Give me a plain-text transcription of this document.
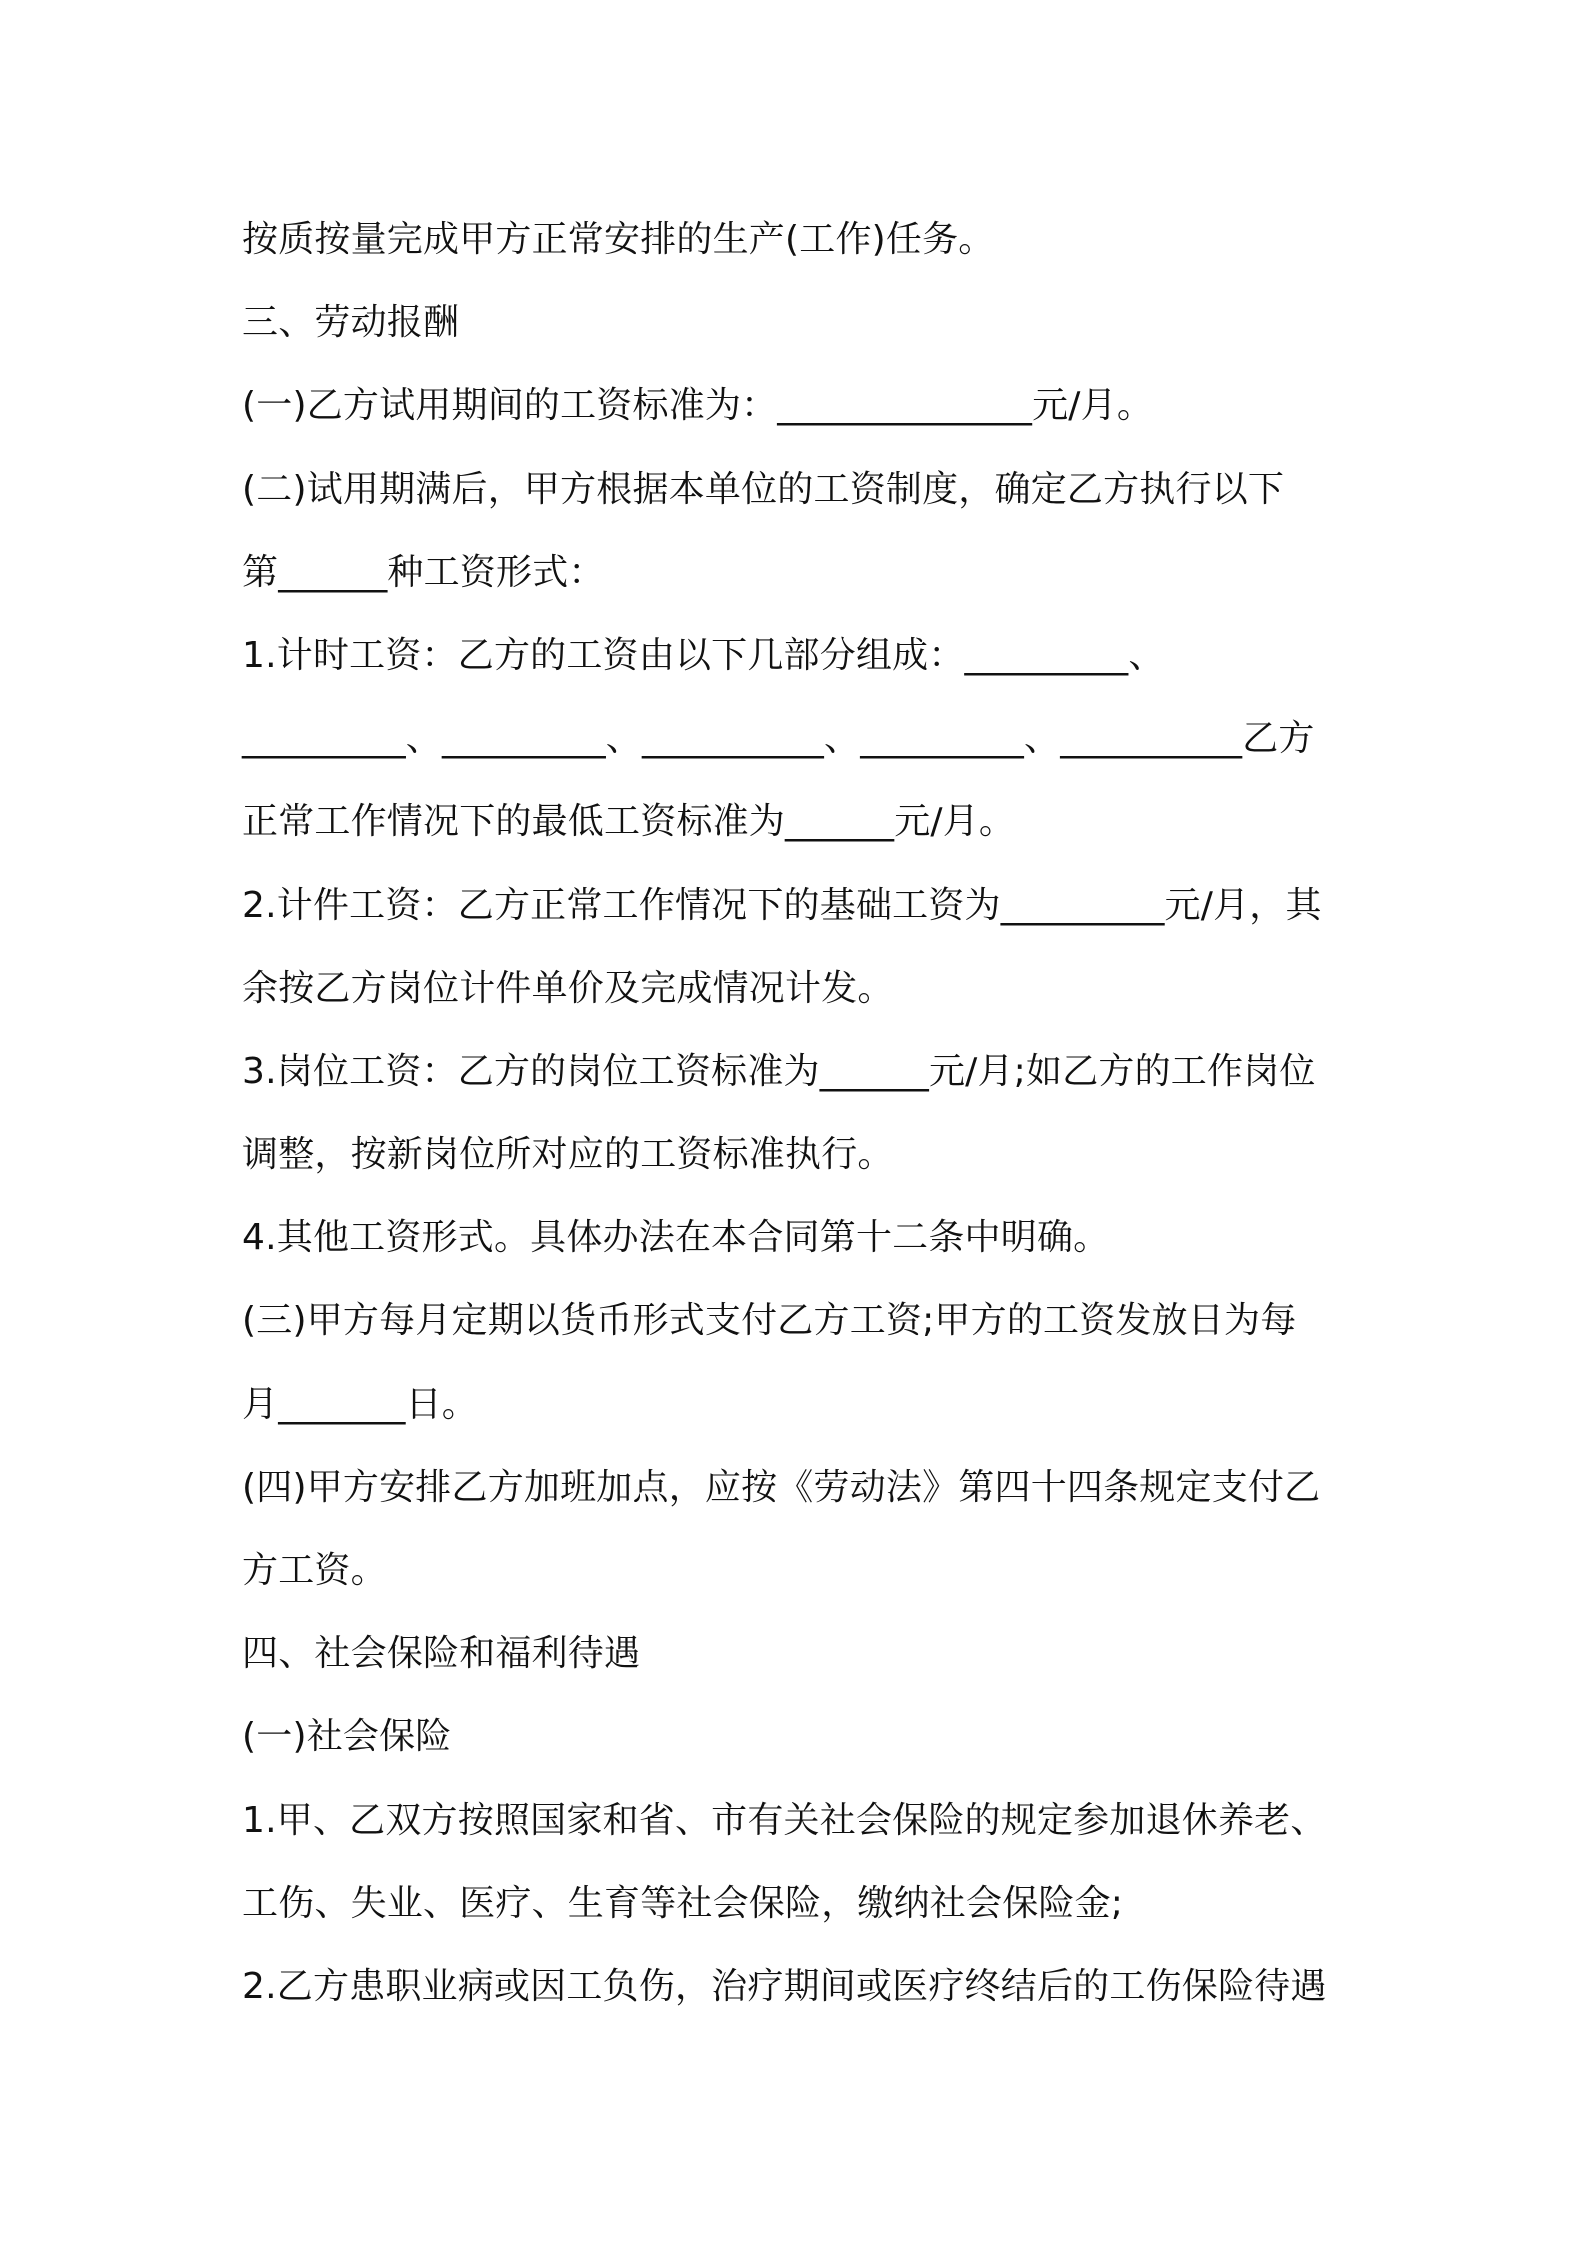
按质按量完成甲方正常安排的生产(工作)任务。
三、劳动报酬
(一)乙方试用期间的工资标准为：______________元/月。
(二)试用期满后，甲方根据本单位的工资制度，确定乙方执行以下
第______种工资形式：
1.计时工资：乙方的工资由以下几部分组成：_________、
_________、_________、__________、_________、__________乙方
正常工作情况下的最低工资标准为______元/月。
2.计件工资：乙方正常工作情况下的基础工资为_________元/月，其
余按乙方岗位计件单价及完成情况计发。
3.岗位工资：乙方的岗位工资标准为______元/月;如乙方的工作岗位
调整，按新岗位所对应的工资标准执行。
4.其他工资形式。具体办法在本合同第十二条中明确。
(三)甲方每月定期以货币形式支付乙方工资;甲方的工资发放日为每
月_______日。
(四)甲方安排乙方加班加点，应按《劳动法》第四十四条规定支付乙
方工资。
四、社会保险和福利待遇
(一)社会保险
1.甲、乙双方按照国家和省、市有关社会保险的规定参加退休养老、
工伤、失业、医疗、生育等社会保险，缴纳社会保险金;
2.乙方患职业病或因工负伤，治疗期间或医疗终结后的工伤保险待遇
